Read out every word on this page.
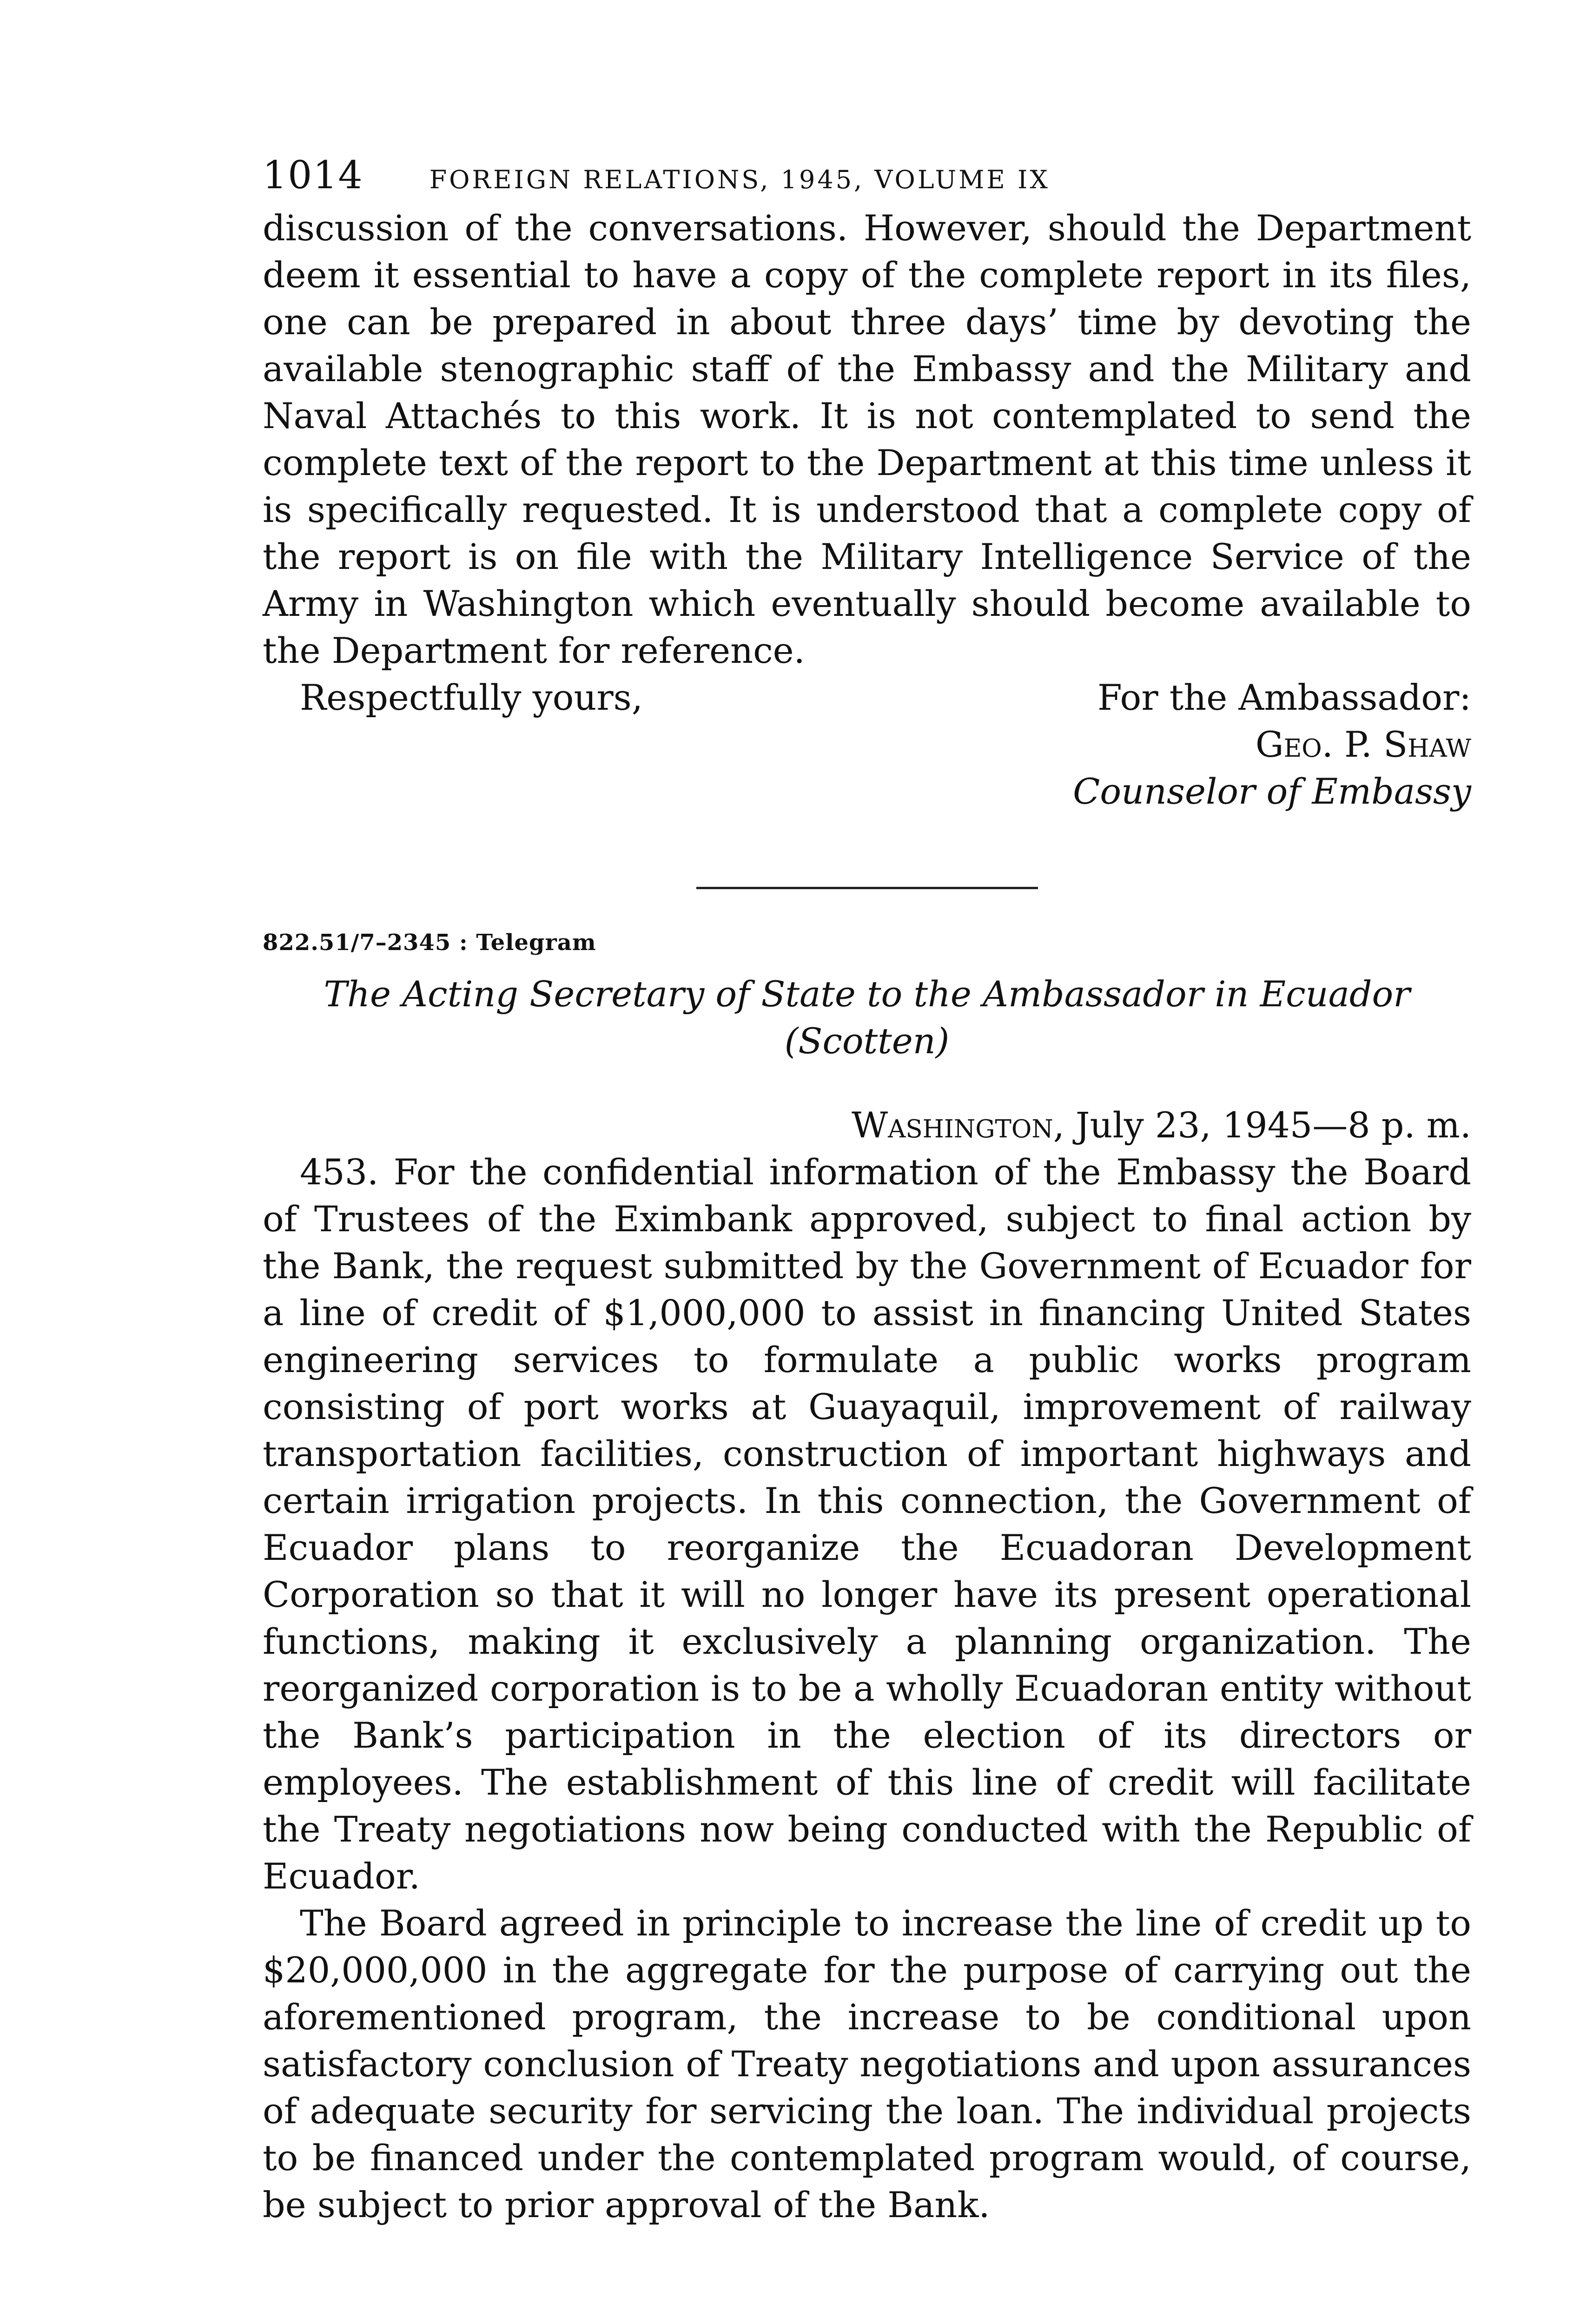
1014	FOREIGN RELATIONS, 1945, VOLUME IX

discussion of the conversations. However, should the Department deem it essential to have a copy of the complete report in its files, one can be prepared in about three days’ time by devoting the available stenographic staff of the Embassy and the Military and Naval Attachés to this work. It is not contemplated to send the complete text of the report to the Department at this time unless it is specifically requested. It is understood that a complete copy of the report is on file with the Military Intelligence Service of the Army in Washington which eventually should become available to the Department for reference.

Respectfully yours,	For the Ambassador:
Geo. P. Shaw
Counselor of Embassy
822.51/7–2345 : Telegram
The Acting Secretary of State to the Ambassador in Ecuador
(Scotten)
Washington, July 23, 1945—8 p. m.

453. For the confidential information of the Embassy the Board of Trustees of the Eximbank approved, subject to final action by the Bank, the request submitted by the Government of Ecuador for a line of credit of $1,000,000 to assist in financing United States engineering services to formulate a public works program consisting of port works at Guayaquil, improvement of railway transportation facilities, construction of important highways and certain irrigation projects. In this connection, the Government of Ecuador plans to reorganize the Ecuadoran Development Corporation so that it will no longer have its present operational functions, making it exclusively a planning organization. The reorganized corporation is to be a wholly Ecuadoran entity without the Bank’s participation in the election of its directors or employees. The establishment of this line of credit will facilitate the Treaty negotiations now being conducted with the Republic of Ecuador.

The Board agreed in principle to increase the line of credit up to $20,000,000 in the aggregate for the purpose of carrying out the aforementioned program, the increase to be conditional upon satisfactory conclusion of Treaty negotiations and upon assurances of adequate security for servicing the loan. The individual projects to be financed under the contemplated program would, of course, be subject to prior approval of the Bank.
